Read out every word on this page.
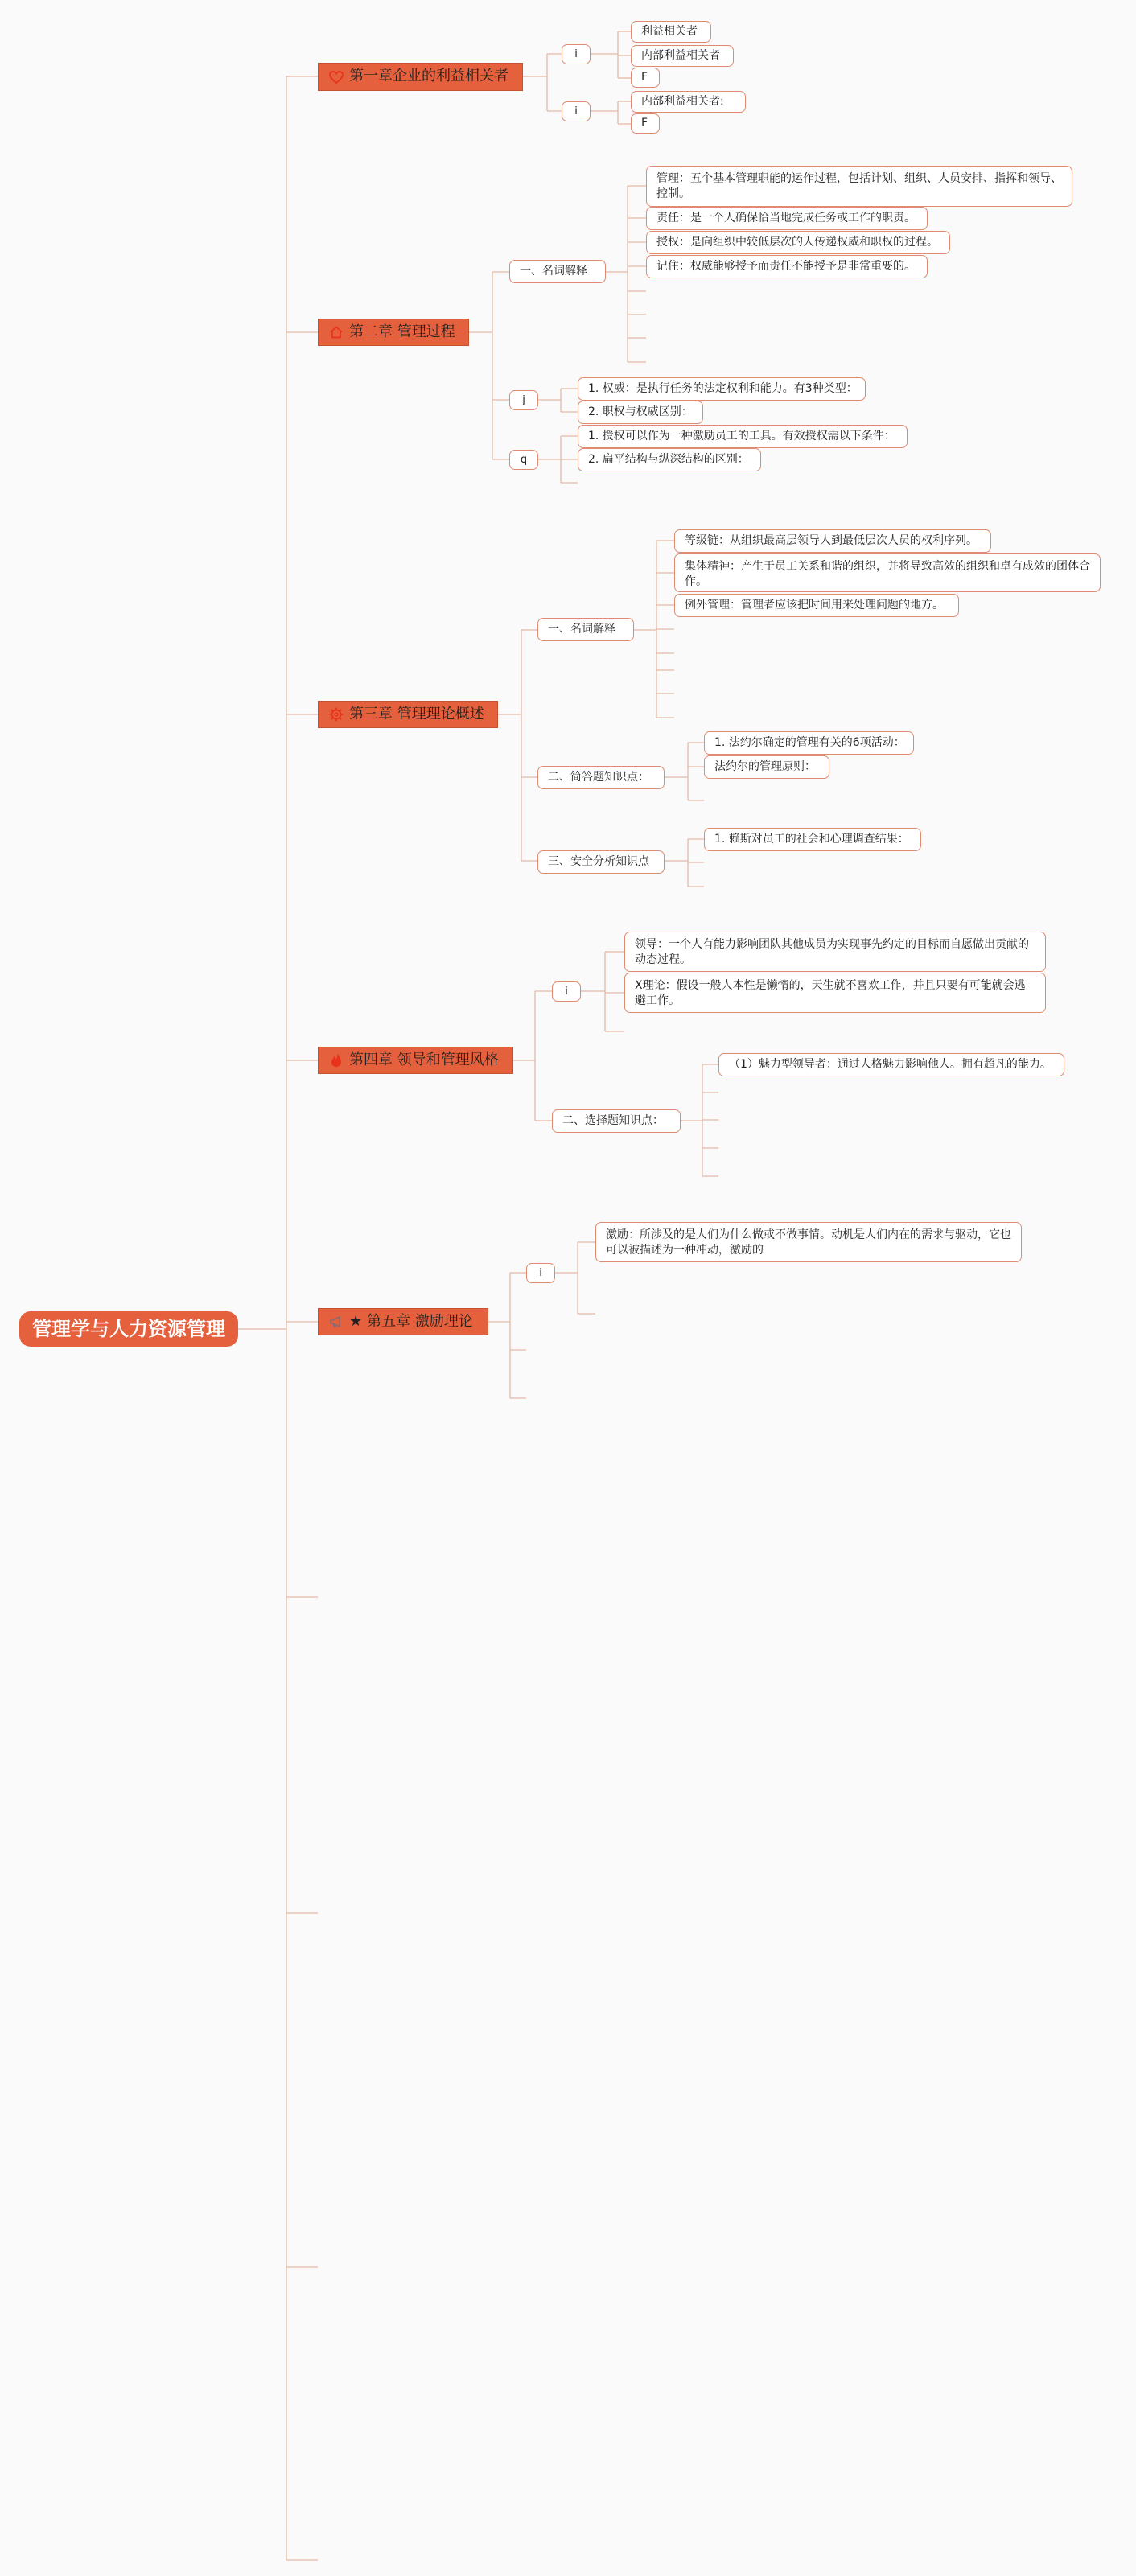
管理学与人力资源管理
第一章企业的利益相关者
i
利益相关者
内部利益相关者
F
i
内部利益相关者:
F
第二章 管理过程
一、名词解释
管理：五个基本管理职能的运作过程，包括计划、组织、人员安排、指挥和领导、控制。
责任：是一个人确保恰当地完成任务或工作的职责。
授权：是向组织中较低层次的人传递权威和职权的过程。
记住：权威能够授予而责任不能授予是非常重要的。
j
1. 权威：是执行任务的法定权利和能力。有3种类型：
2. 职权与权威区别：
q
1. 授权可以作为一种激励员工的工具。有效授权需以下条件：
2. 扁平结构与纵深结构的区别：
第三章 管理理论概述
一、名词解释
等级链：从组织最高层领导人到最低层次人员的权利序列。
集体精神：产生于员工关系和谐的组织，并将导致高效的组织和卓有成效的团体合作。
例外管理：管理者应该把时间用来处理问题的地方。
二、简答题知识点：
1. 法约尔确定的管理有关的6项活动：
法约尔的管理原则：
三、安全分析知识点
1. 赖斯对员工的社会和心理调查结果：
第四章 领导和管理风格
i
领导：一个人有能力影响团队其他成员为实现事先约定的目标而自愿做出贡献的动态过程。
X理论：假设一般人本性是懒惰的，天生就不喜欢工作，并且只要有可能就会逃避工作。
二、选择题知识点：
（1）魅力型领导者：通过人格魅力影响他人。拥有超凡的能力。
★ 第五章 激励理论
i
激励：所涉及的是人们为什么做或不做事情。动机是人们内在的需求与驱动，它也可以被描述为一种冲动，激励的
